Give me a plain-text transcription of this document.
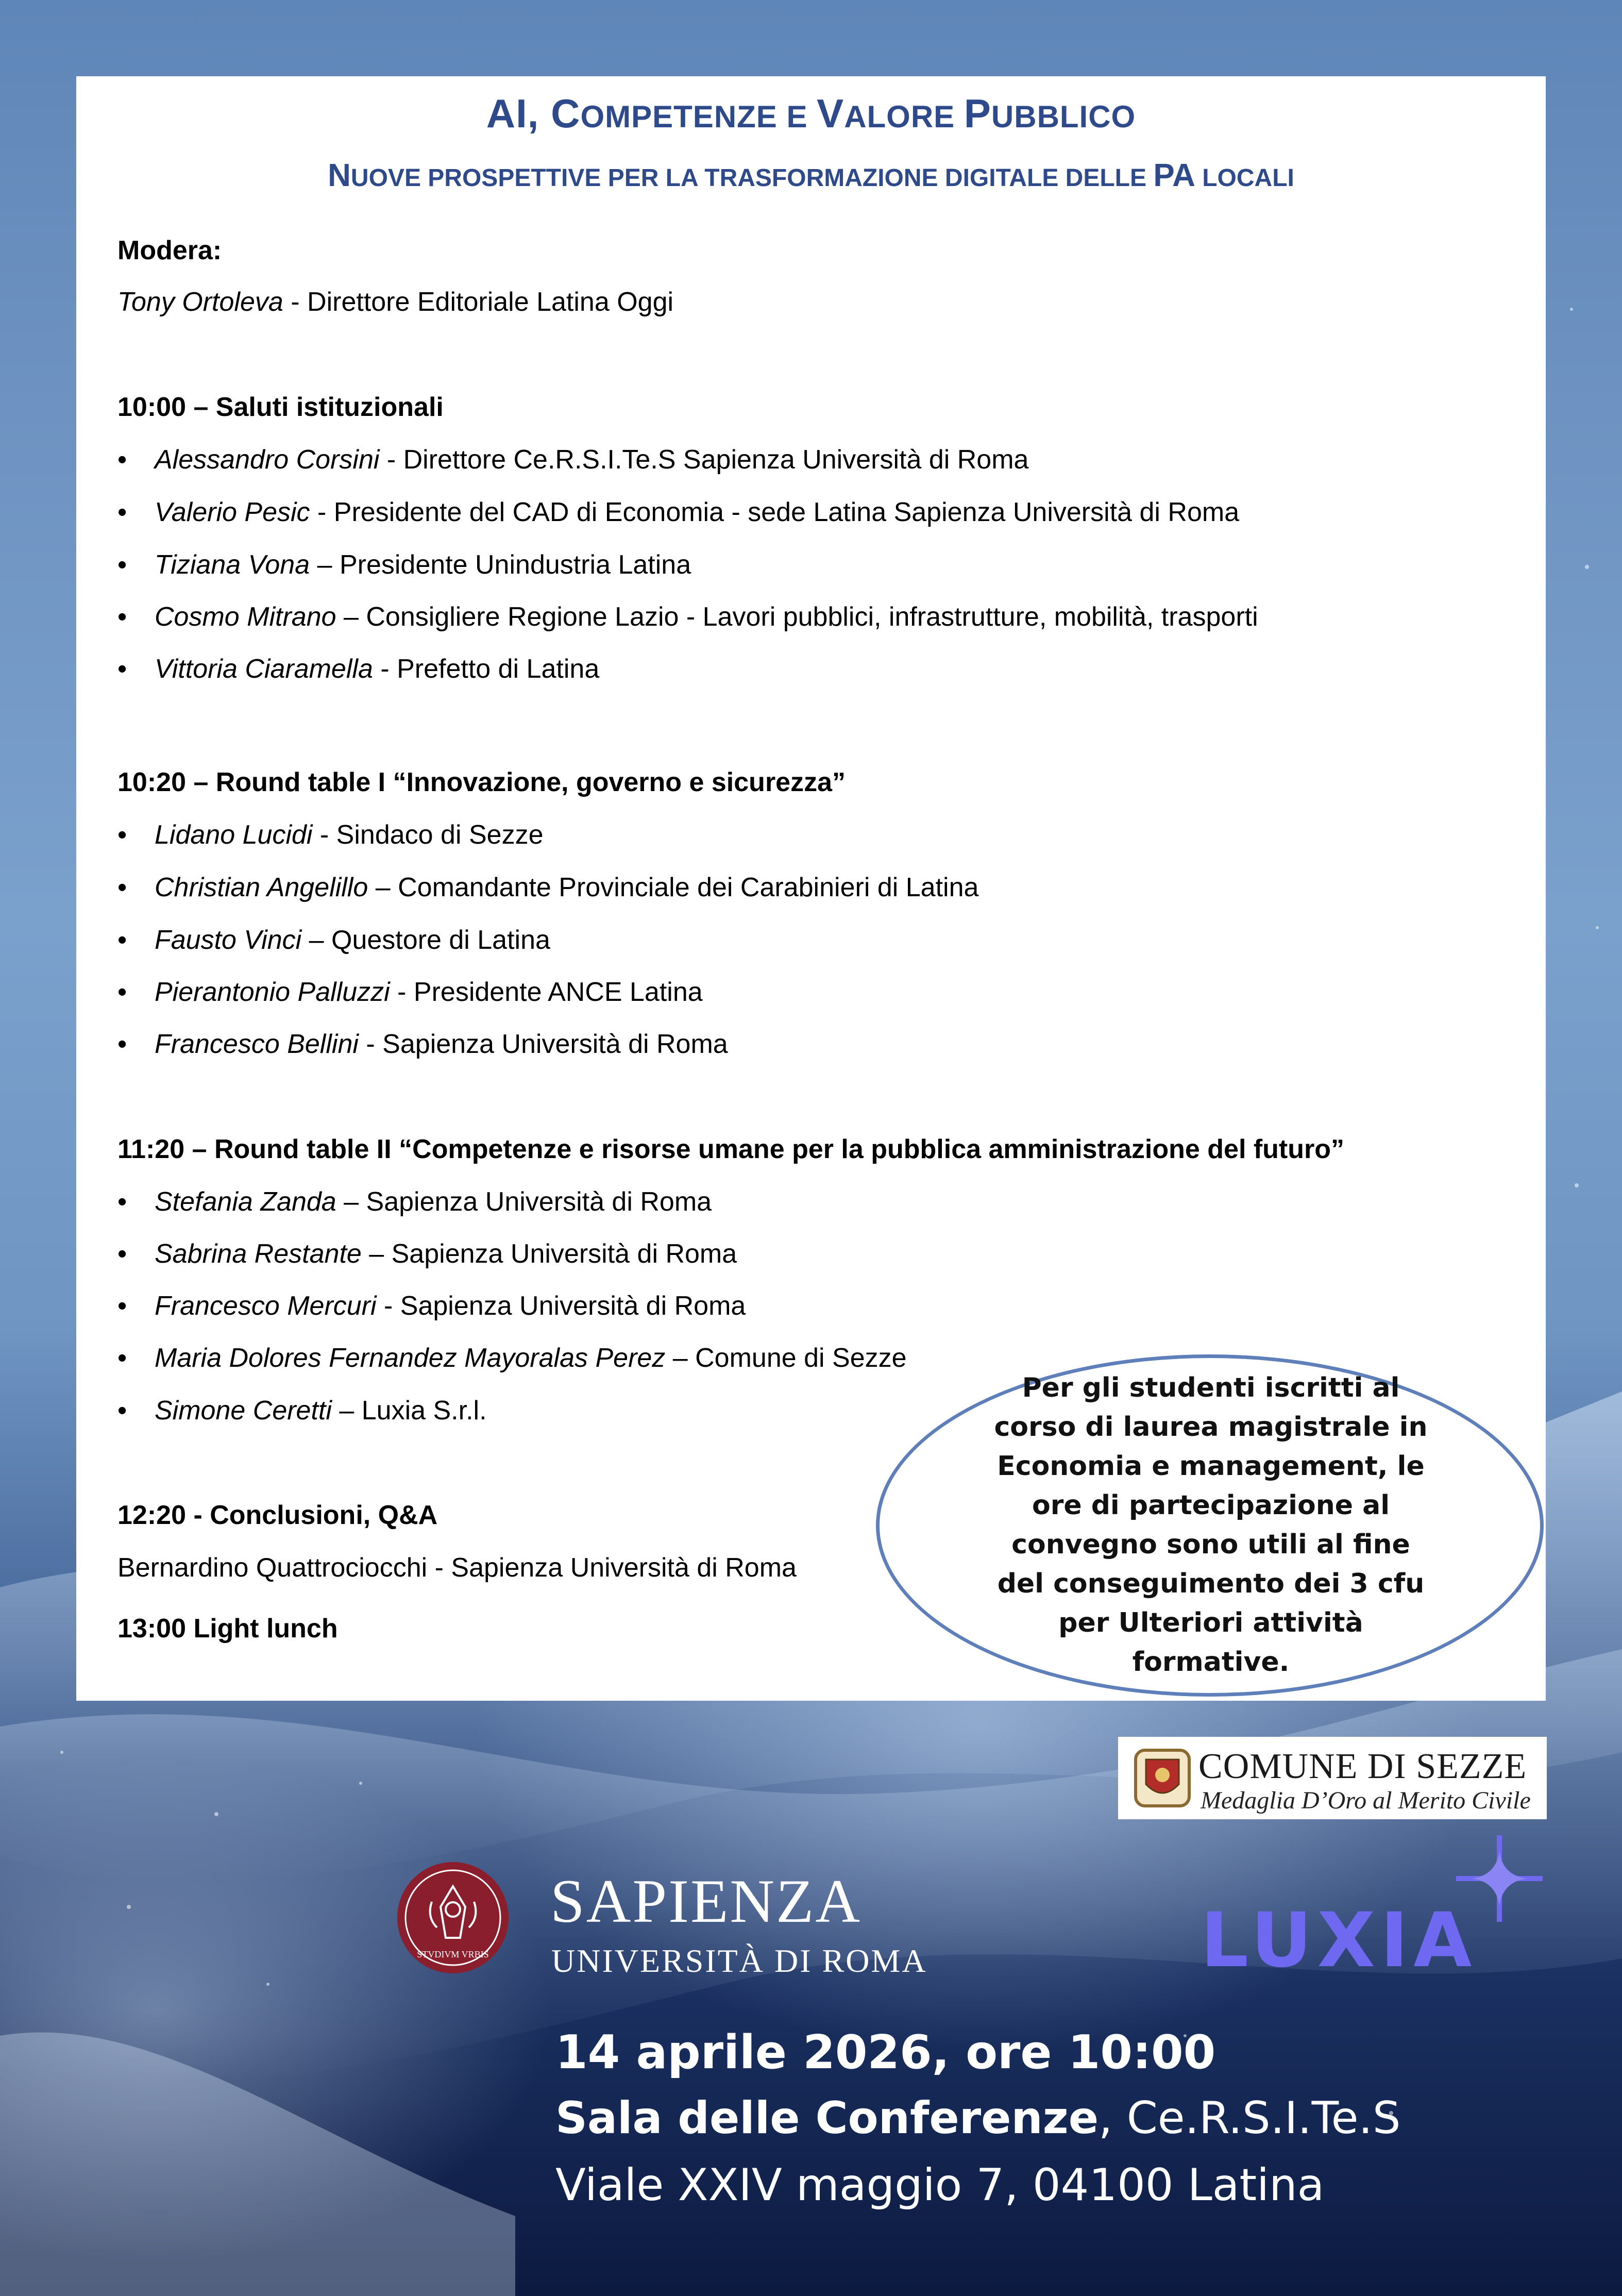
AI, COMPETENZE E VALORE PUBBLICO
NUOVE PROSPETTIVE PER LA TRASFORMAZIONE DIGITALE DELLE PA LOCALI
Modera:
Tony Ortoleva - Direttore Editoriale Latina Oggi
10:00 – Saluti istituzionali
• Alessandro Corsini - Direttore Ce.R.S.I.Te.S Sapienza Università di Roma
• Valerio Pesic - Presidente del CAD di Economia - sede Latina Sapienza Università di Roma
• Tiziana Vona – Presidente Unindustria Latina
• Cosmo Mitrano – Consigliere Regione Lazio - Lavori pubblici, infrastrutture, mobilità, trasporti
• Vittoria Ciaramella - Prefetto di Latina
10:20 – Round table I “Innovazione, governo e sicurezza”
• Lidano Lucidi - Sindaco di Sezze
• Christian Angelillo – Comandante Provinciale dei Carabinieri di Latina
• Fausto Vinci – Questore di Latina
• Pierantonio Palluzzi - Presidente ANCE Latina
• Francesco Bellini - Sapienza Università di Roma
11:20 – Round table II “Competenze e risorse umane per la pubblica amministrazione del futuro”
• Stefania Zanda – Sapienza Università di Roma
• Sabrina Restante – Sapienza Università di Roma
• Francesco Mercuri - Sapienza Università di Roma
• Maria Dolores Fernandez Mayoralas Perez – Comune di Sezze
• Simone Ceretti – Luxia S.r.l.
12:20 - Conclusioni, Q&A
Bernardino Quattrociocchi - Sapienza Università di Roma
13:00 Light lunch
Per gli studenti iscritti al
corso di laurea magistrale in
Economia e management, le
ore di partecipazione al
convegno sono utili al fine
del conseguimento dei 3 cfu
per Ulteriori attività
formative.
COMUNE DI SEZZE
Medaglia D’Oro al Merito Civile
STVDIVM VRBIS
SAPIENZA
UNIVERSITÀ DI ROMA	LUXIA
14 aprile 2026, ore 10:00
Sala delle Conferenze, Ce.R.S.I.Te.S
Viale XXIV maggio 7, 04100 Latina
